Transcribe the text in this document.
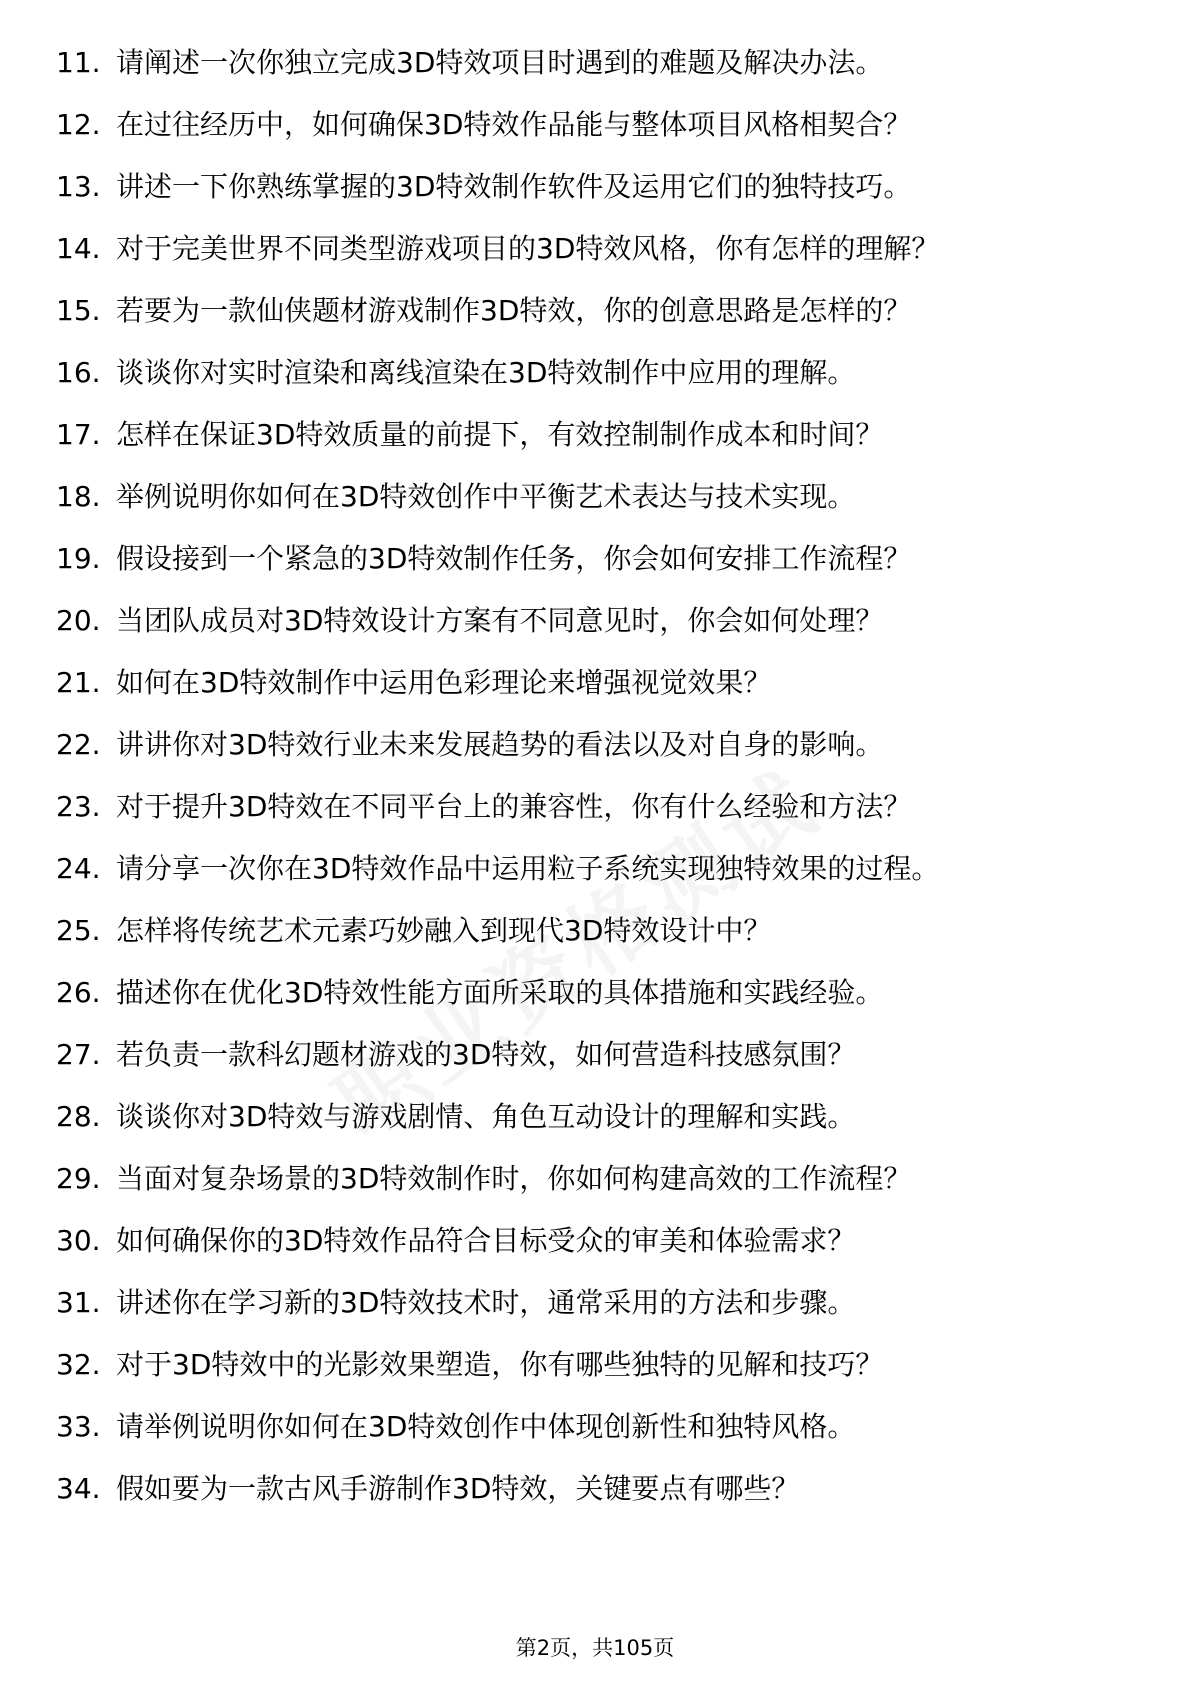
11. 请阐述一次你独立完成3D特效项目时遇到的难题及解决办法。
12. 在过往经历中，如何确保3D特效作品能与整体项目风格相契合？
13. 讲述一下你熟练掌握的3D特效制作软件及运用它们的独特技巧。
14. 对于完美世界不同类型游戏项目的3D特效风格，你有怎样的理解？
15. 若要为一款仙侠题材游戏制作3D特效，你的创意思路是怎样的？
16. 谈谈你对实时渲染和离线渲染在3D特效制作中应用的理解。
17. 怎样在保证3D特效质量的前提下，有效控制制作成本和时间？
18. 举例说明你如何在3D特效创作中平衡艺术表达与技术实现。
19. 假设接到一个紧急的3D特效制作任务，你会如何安排工作流程？
20. 当团队成员对3D特效设计方案有不同意见时，你会如何处理？
21. 如何在3D特效制作中运用色彩理论来增强视觉效果？
22. 讲讲你对3D特效行业未来发展趋势的看法以及对自身的影响。
23. 对于提升3D特效在不同平台上的兼容性，你有什么经验和方法？
24. 请分享一次你在3D特效作品中运用粒子系统实现独特效果的过程。
25. 怎样将传统艺术元素巧妙融入到现代3D特效设计中？
26. 描述你在优化3D特效性能方面所采取的具体措施和实践经验。
27. 若负责一款科幻题材游戏的3D特效，如何营造科技感氛围？
28. 谈谈你对3D特效与游戏剧情、角色互动设计的理解和实践。
29. 当面对复杂场景的3D特效制作时，你如何构建高效的工作流程？
30. 如何确保你的3D特效作品符合目标受众的审美和体验需求？
31. 讲述你在学习新的3D特效技术时，通常采用的方法和步骤。
32. 对于3D特效中的光影效果塑造，你有哪些独特的见解和技巧？
33. 请举例说明你如何在3D特效创作中体现创新性和独特风格。
34. 假如要为一款古风手游制作3D特效，关键要点有哪些？
第2页，共105页
